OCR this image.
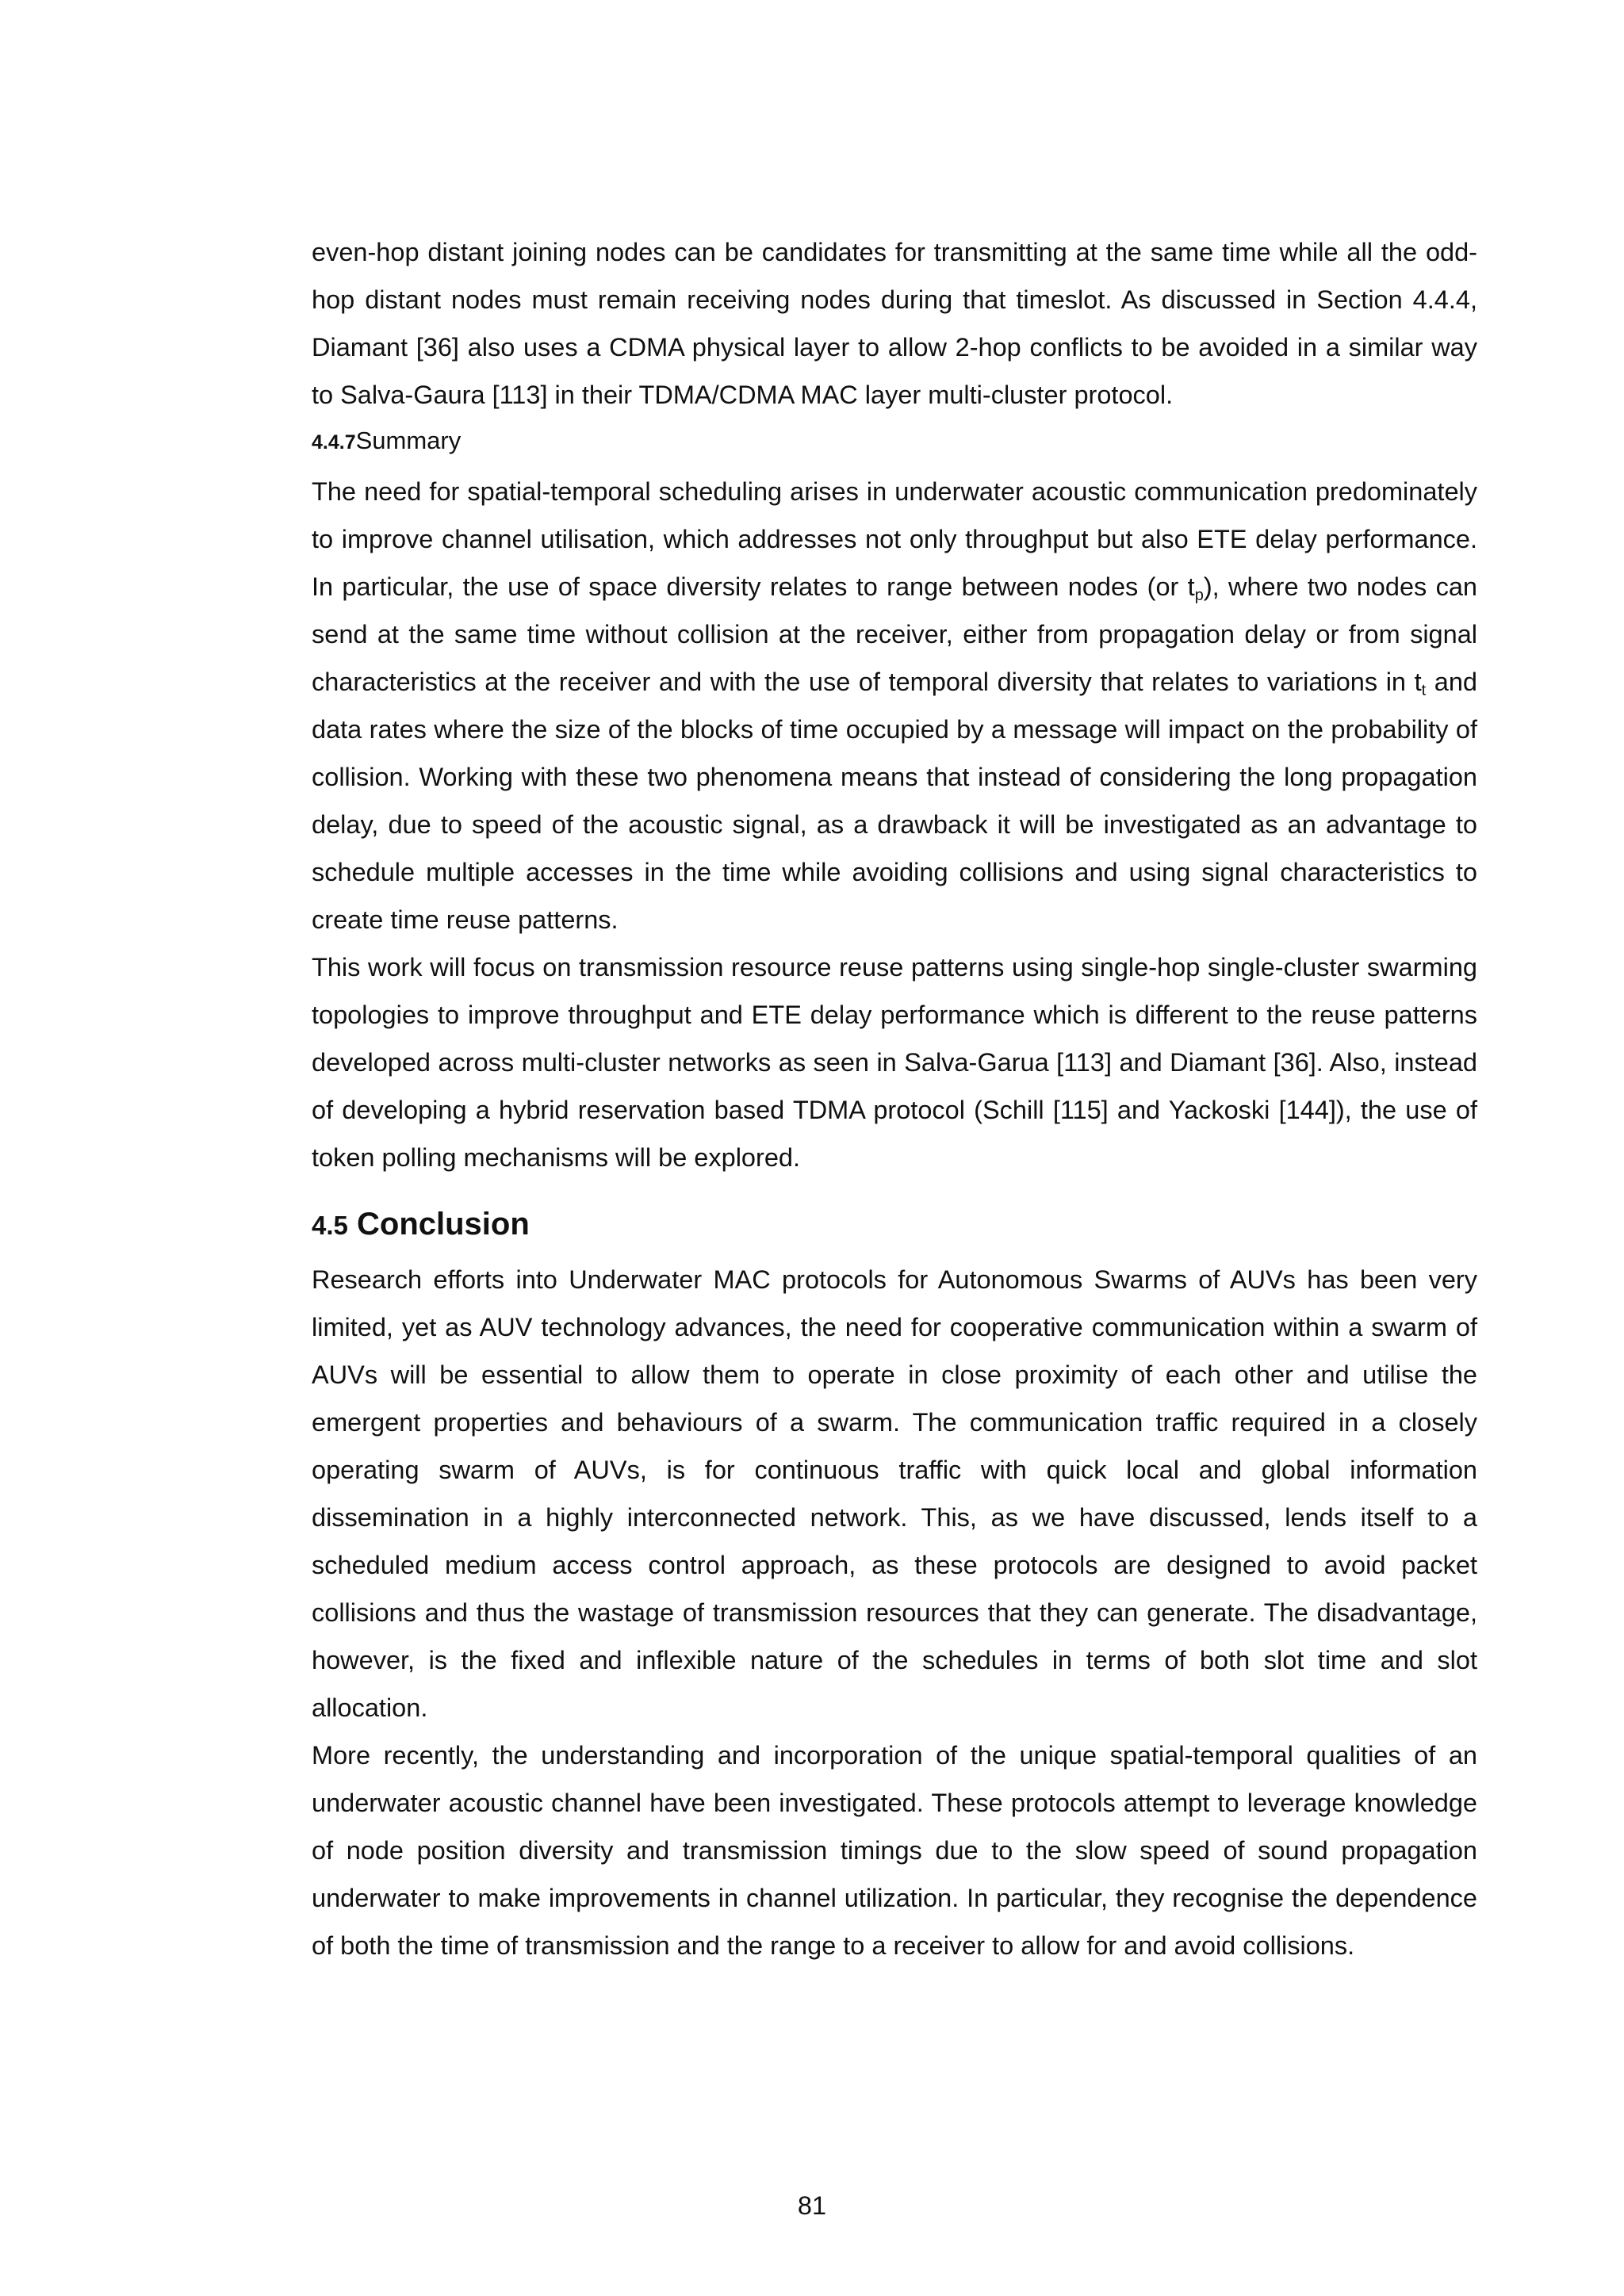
even-hop distant joining nodes can be candidates for transmitting at the same time while all the odd-hop distant nodes must remain receiving nodes during that timeslot. As discussed in Section 4.4.4, Diamant [36] also uses a CDMA physical layer to allow 2-hop conflicts to be avoided in a similar way to Salva-Gaura [113] in their TDMA/CDMA MAC layer multi-cluster protocol.

4.4.7Summary

The need for spatial-temporal scheduling arises in underwater acoustic communication predominately to improve channel utilisation, which addresses not only throughput but also ETE delay performance. In particular, the use of space diversity relates to range between nodes (or $t_p$), where two nodes can send at the same time without collision at the receiver, either from propagation delay or from signal characteristics at the receiver and with the use of temporal diversity that relates to variations in $t_t$ and data rates where the size of the blocks of time occupied by a message will impact on the probability of collision. Working with these two phenomena means that instead of considering the long propagation delay, due to speed of the acoustic signal, as a drawback it will be investigated as an advantage to schedule multiple accesses in the time while avoiding collisions and using signal characteristics to create time reuse patterns.

This work will focus on transmission resource reuse patterns using single-hop single-cluster swarming topologies to improve throughput and ETE delay performance which is different to the reuse patterns developed across multi-cluster networks as seen in Salva-Garua [113] and Diamant [36]. Also, instead of developing a hybrid reservation based TDMA protocol (Schill [115] and Yackoski [144]), the use of token polling mechanisms will be explored.

4.5 Conclusion

Research efforts into Underwater MAC protocols for Autonomous Swarms of AUVs has been very limited, yet as AUV technology advances, the need for cooperative communication within a swarm of AUVs will be essential to allow them to operate in close proximity of each other and utilise the emergent properties and behaviours of a swarm. The communication traffic required in a closely operating swarm of AUVs, is for continuous traffic with quick local and global information dissemination in a highly interconnected network. This, as we have discussed, lends itself to a scheduled medium access control approach, as these protocols are designed to avoid packet collisions and thus the wastage of transmission resources that they can generate. The disadvantage, however, is the fixed and inflexible nature of the schedules in terms of both slot time and slot allocation.

More recently, the understanding and incorporation of the unique spatial-temporal qualities of an underwater acoustic channel have been investigated. These protocols attempt to leverage knowledge of node position diversity and transmission timings due to the slow speed of sound propagation underwater to make improvements in channel utilization. In particular, they recognise the dependence of both the time of transmission and the range to a receiver to allow for and avoid collisions.

81
